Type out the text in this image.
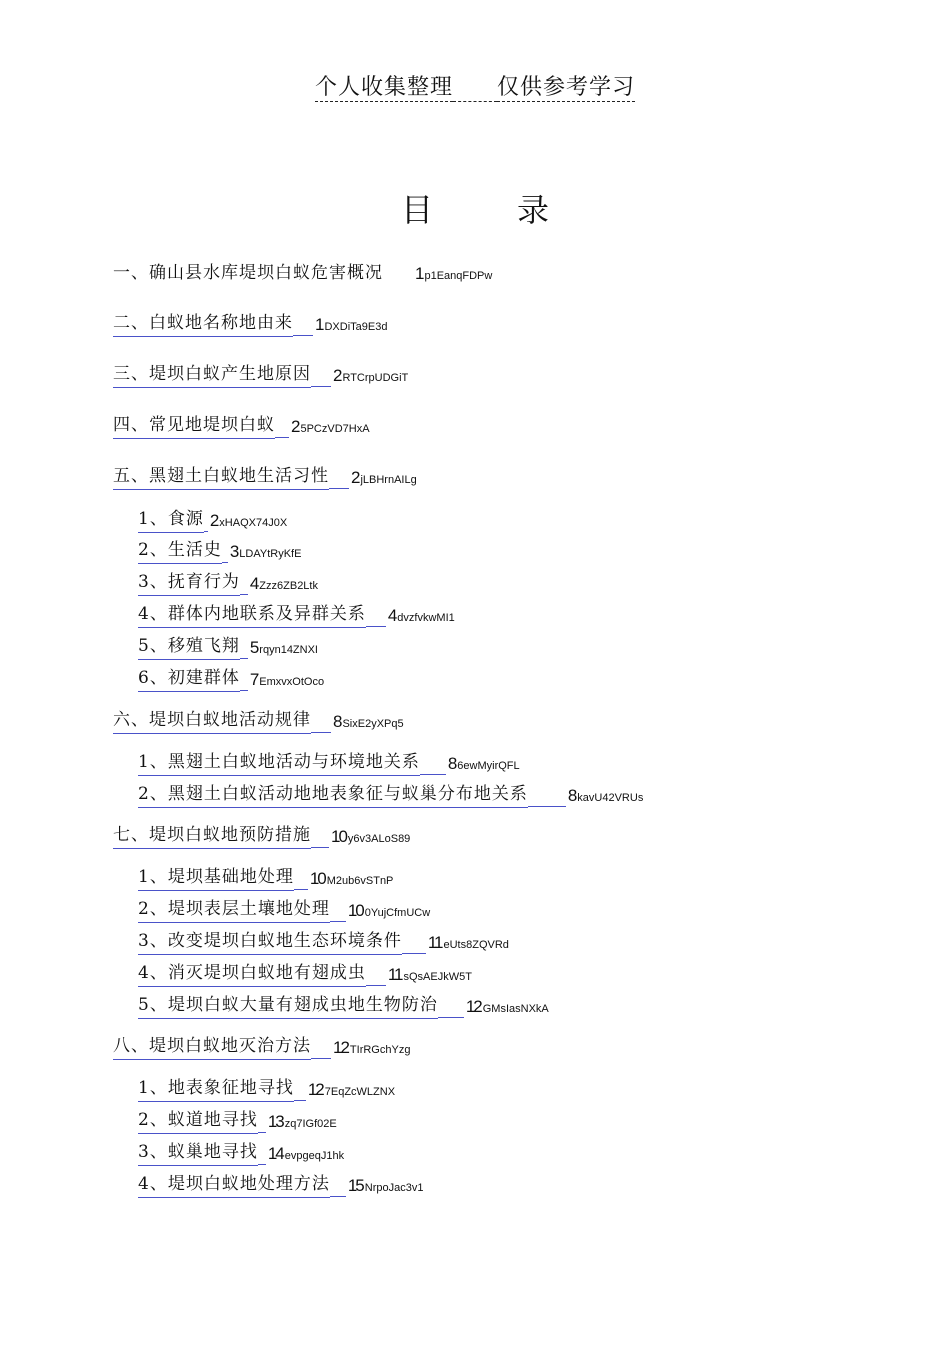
个人收集整理 仅供参考学习
目	录
一、确山县水库堤坝白蚁危害概况 1 p1EanqFDPw
二、白蚁地名称地由来 1 DXDiTa9E3d
三、堤坝白蚁产生地原因 2 RTCrpUDGiT
四、常见地堤坝白蚁 2 5PCzVD7HxA
五、黑翅土白蚁地生活习性 2 jLBHrnAILg
1、食源 2 xHAQX74J0X
2、生活史 3 LDAYtRyKfE
3、抚育行为 4 Zzz6ZB2Ltk
4、群体内地联系及异群关系 4 dvzfvkwMI1
5、移殖飞翔 5 rqyn14ZNXI
6、初建群体 7 EmxvxOtOco
六、堤坝白蚁地活动规律 8 SixE2yXPq5
1、黑翅土白蚁地活动与环境地关系 8 6ewMyirQFL
2、黑翅土白蚁活动地地表象征与蚁巢分布地关系 8 kavU42VRUs
七、堤坝白蚁地预防措施 10 y6v3ALoS89
1、堤坝基础地处理 10 M2ub6vSTnP
2、堤坝表层土壤地处理 10 0YujCfmUCw
3、改变堤坝白蚁地生态环境条件 11 eUts8ZQVRd
4、消灭堤坝白蚁地有翅成虫 11 sQsAEJkW5T
5、堤坝白蚁大量有翅成虫地生物防治 12 GMsIasNXkA
八、堤坝白蚁地灭治方法 12 TIrRGchYzg
1、地表象征地寻找 12 7EqZcWLZNX
2、蚁道地寻找 13 zq7IGf02E
3、蚁巢地寻找 14 evpgeqJ1hk
4、堤坝白蚁地处理方法 15 NrpoJac3v1
